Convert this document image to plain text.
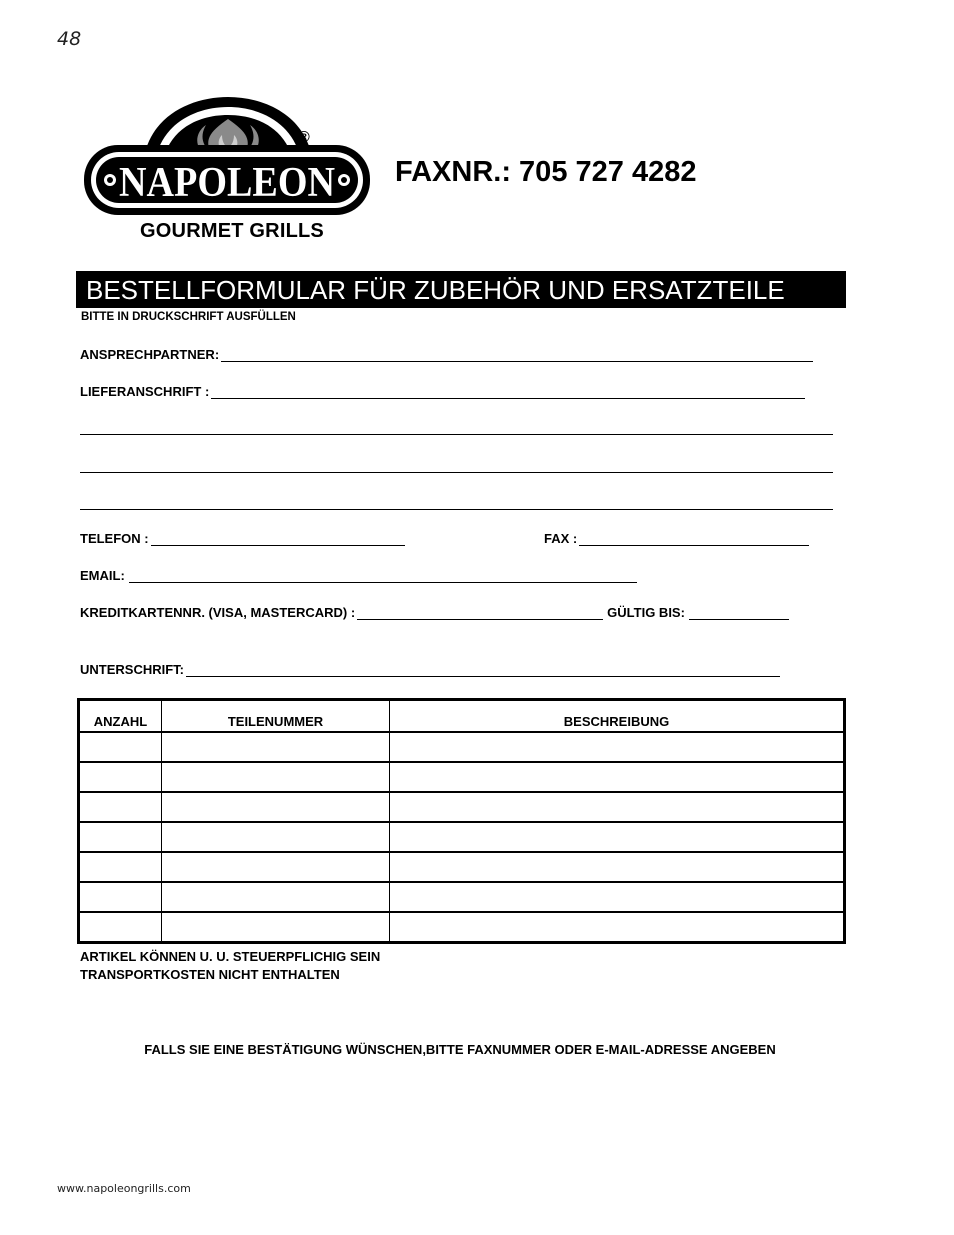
48
NAPOLEON
®
GOURMET GRILLS
FAXNR.: 705 727 4282
BESTELLFORMULAR FÜR ZUBEHÖR UND ERSATZTEILE
BITTE IN DRUCKSCHRIFT AUSFÜLLEN
ANSPRECHPARTNER:
LIEFERANSCHRIFT :
TELEFON :	FAX :
EMAIL:
KREDITKARTENNR. (VISA, MASTERCARD) :	GÜLTIG BIS:
UNTERSCHRIFT:
ANZAHL	TEILENUMMER	BESCHREIBUNG

ARTIKEL KÖNNEN U. U. STEUERPFLICHIG SEIN
TRANSPORTKOSTEN NICHT ENTHALTEN
FALLS SIE EINE BESTÄTIGUNG WÜNSCHEN,BITTE FAXNUMMER ODER E-MAIL-ADRESSE ANGEBEN
www.napoleongrills.com
